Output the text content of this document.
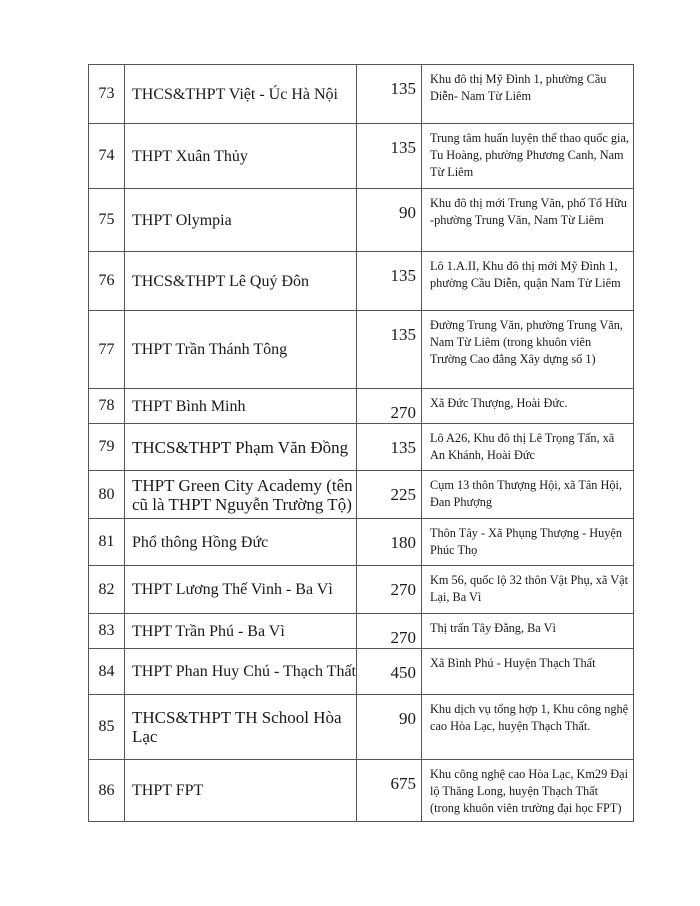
73	THCS&THPT Việt - Úc Hà Nội	135	Khu đô thị Mỹ Đình 1, phường Cầu Diễn- Nam Từ Liêm
74	THPT Xuân Thủy	135	Trung tâm huấn luyện thể thao quốc gia, Tu Hoàng, phường Phương Canh, Nam Từ Liêm
75	THPT Olympia	90	Khu đô thị mới Trung Văn, phố Tố Hữu -phường Trung Văn, Nam Từ Liêm
76	THCS&THPT Lê Quý Đôn	135	Lô 1.A.II, Khu đô thị mới Mỹ Đình 1, phường Cầu Diễn, quận Nam Từ Liêm
77	THPT Trần Thánh Tông	135	Đường Trung Văn, phường Trung Văn, Nam Từ Liêm (trong khuôn viên Trường Cao đẳng Xây dựng số 1)
78	THPT Bình Minh	270	Xã Đức Thượng, Hoài Đức.
79	THCS&THPT Phạm Văn Đồng	135	Lô A26, Khu đô thị Lê Trọng Tấn, xã An Khánh, Hoài Đức
80	THPT Green City Academy (tên cũ là THPT Nguyễn Trường Tộ)	225	Cụm 13 thôn Thượng Hội, xã Tân Hội, Đan Phượng
81	Phổ thông Hồng Đức	180	Thôn Tây - Xã Phụng Thượng - Huyện Phúc Thọ
82	THPT Lương Thế Vinh - Ba Vì	270	Km 56, quốc lộ 32 thôn Vật Phụ, xã Vật Lại, Ba Vì
83	THPT Trần Phú - Ba Vì	270	Thị trấn Tây Đằng, Ba Vì
84	THPT Phan Huy Chú - Thạch Thất	450	Xã Bình Phú - Huyện Thạch Thất
85	THCS&THPT TH School Hòa Lạc	90	Khu dịch vụ tổng hợp 1, Khu công nghệ cao Hòa Lạc, huyện Thạch Thất.
86	THPT FPT	675	Khu công nghệ cao Hòa Lạc, Km29 Đại lộ Thăng Long, huyện Thạch Thất (trong khuôn viên trường đại học FPT)
